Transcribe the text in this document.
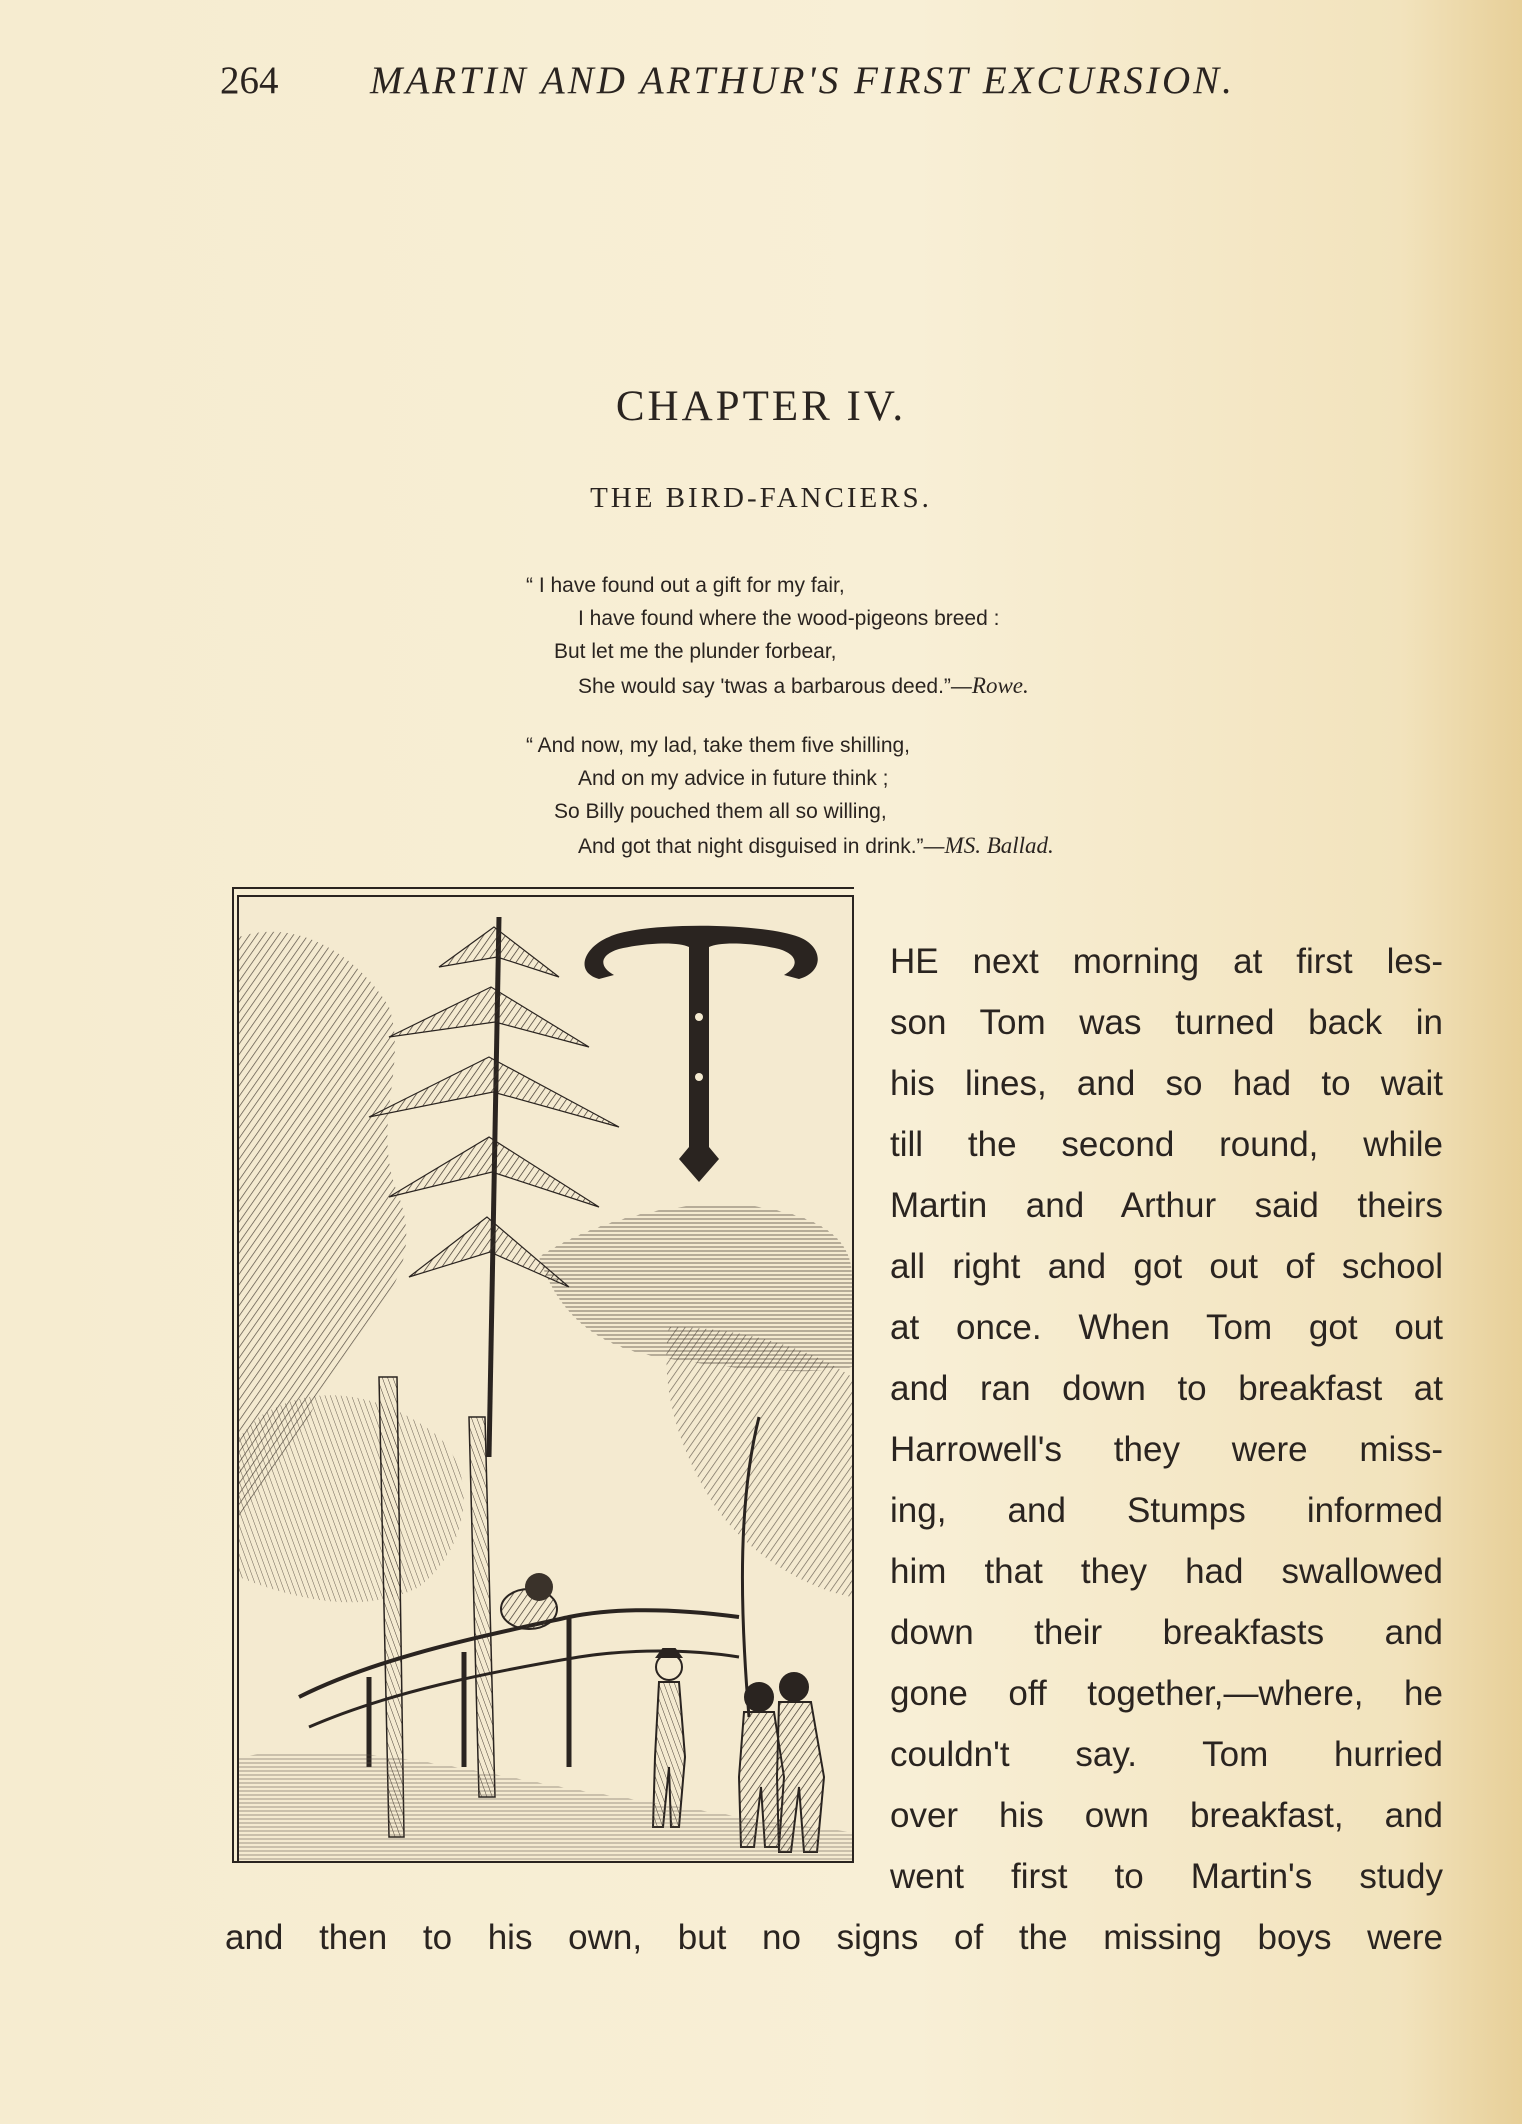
264 MARTIN AND ARTHUR'S FIRST EXCURSION.
CHAPTER IV.
THE BIRD-FANCIERS.
“ I have found out a gift for my fair,
I have found where the wood-pigeons breed :
But let me the plunder forbear,
She would say 'twas a barbarous deed.”—Rowe.
“ And now, my lad, take them five shilling,
And on my advice in future think ;
So Billy pouched them all so willing,
And got that night disguised in drink.”—MS. Ballad.
HE next morning at first les-
son Tom was turned back in
his lines, and so had to wait
till the second round, while
Martin and Arthur said theirs
all right and got out of school
at once. When Tom got out
and ran down to breakfast at
Harrowell's they were miss-
ing, and Stumps informed
him that they had swallowed
down their breakfasts and
gone off together,—where, he
couldn't say. Tom hurried
over his own breakfast, and
went first to Martin's study
and then to his own, but no signs of the missing boys were
